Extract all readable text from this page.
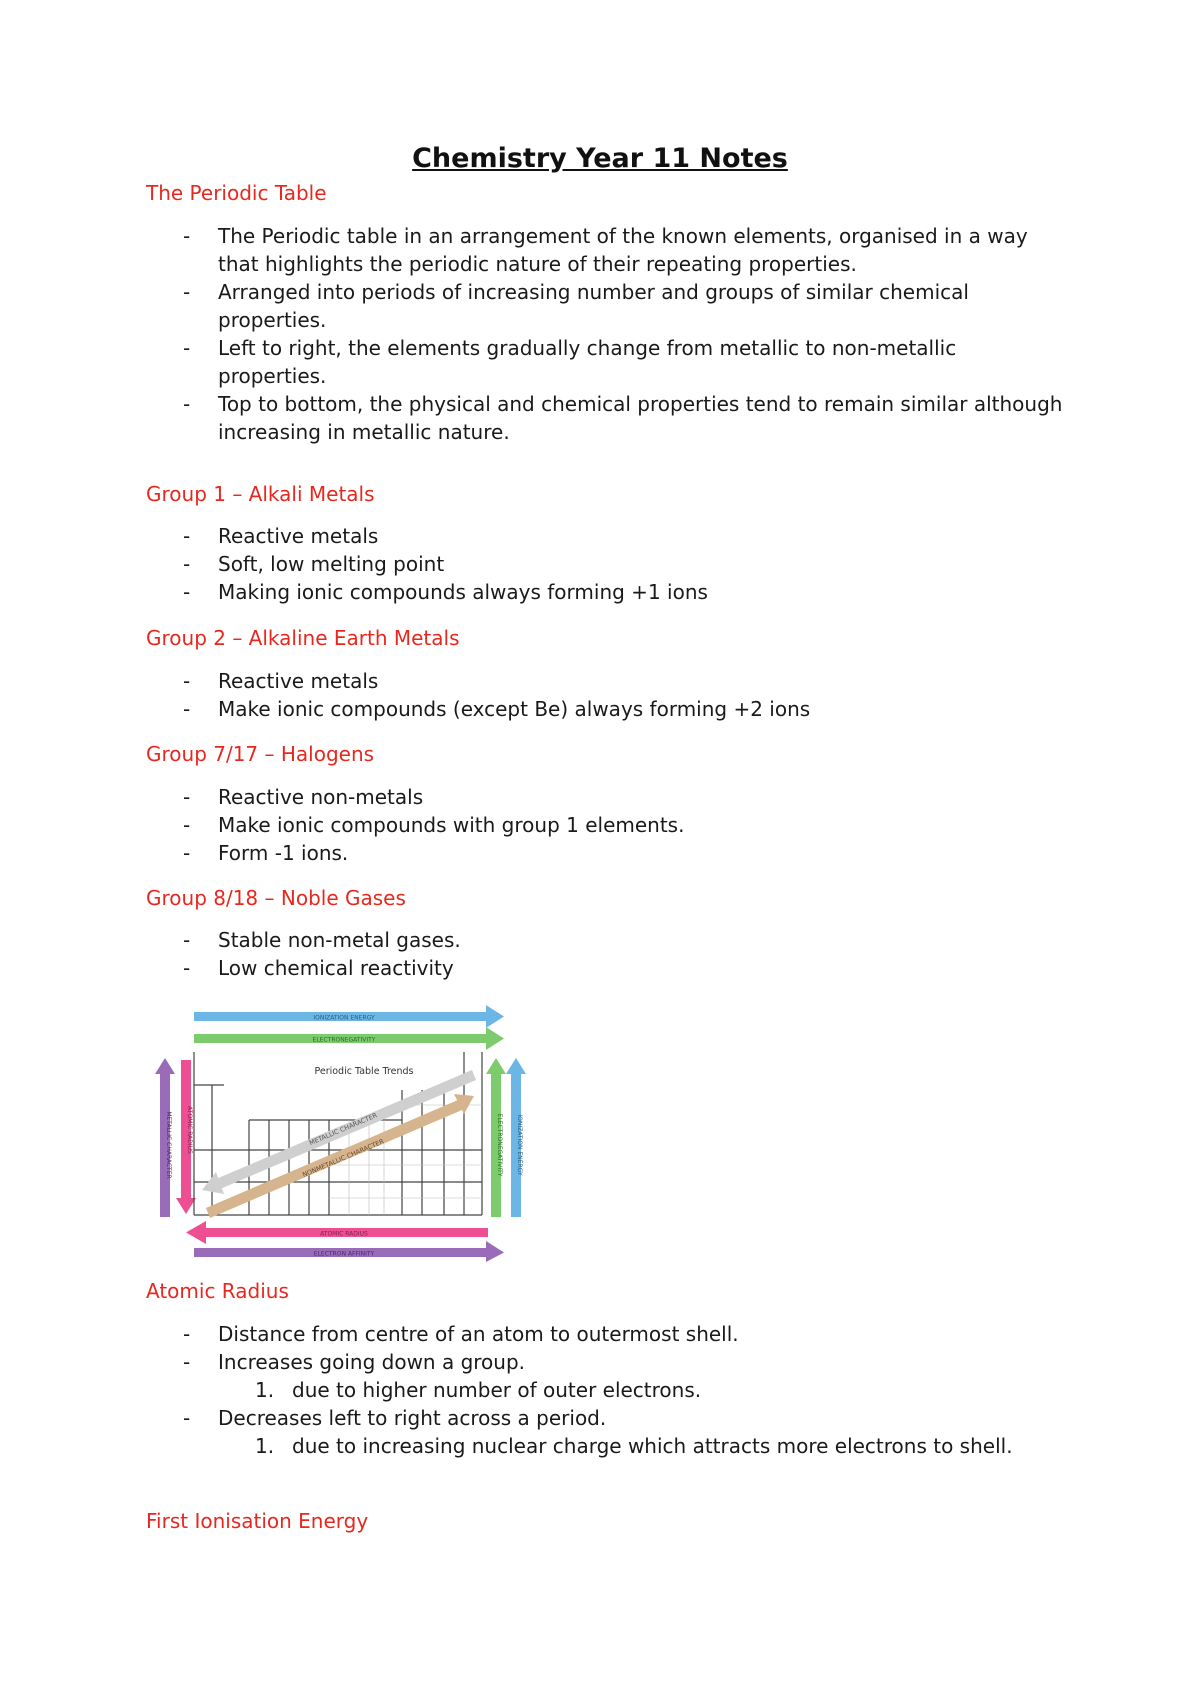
Chemistry Year 11 Notes
The Periodic Table
- The Periodic table in an arrangement of the known elements, organised in a way that highlights the periodic nature of their repeating properties.
- Arranged into periods of increasing number and groups of similar chemical properties.
- Left to right, the elements gradually change from metallic to non-metallic properties.
- Top to bottom, the physical and chemical properties tend to remain similar although increasing in metallic nature.
Group 1 – Alkali Metals
- Reactive metals
- Soft, low melting point
- Making ionic compounds always forming +1 ions
Group 2 – Alkaline Earth Metals
- Reactive metals
- Make ionic compounds (except Be) always forming +2 ions
Group 7/17 – Halogens
- Reactive non-metals
- Make ionic compounds with group 1 elements.
- Form -1 ions.
Group 8/18 – Noble Gases
- Stable non-metal gases.
- Low chemical reactivity
IONIZATION ENERGY
ELECTRONEGATIVITY
METALLIC CHARACTER ATOMIC RADIUS	ELECTRONEGATIVITY IONIZATION ENERGY
Periodic Table Trends
METALLIC CHARACTER
NONMETALLIC CHARACTER
ATOMIC RADIUS
ELECTRON AFFINITY
Atomic Radius
- Distance from centre of an atom to outermost shell.
- Increases going down a group.
1. due to higher number of outer electrons.
- Decreases left to right across a period.
1. due to increasing nuclear charge which attracts more electrons to shell.
First Ionisation Energy
